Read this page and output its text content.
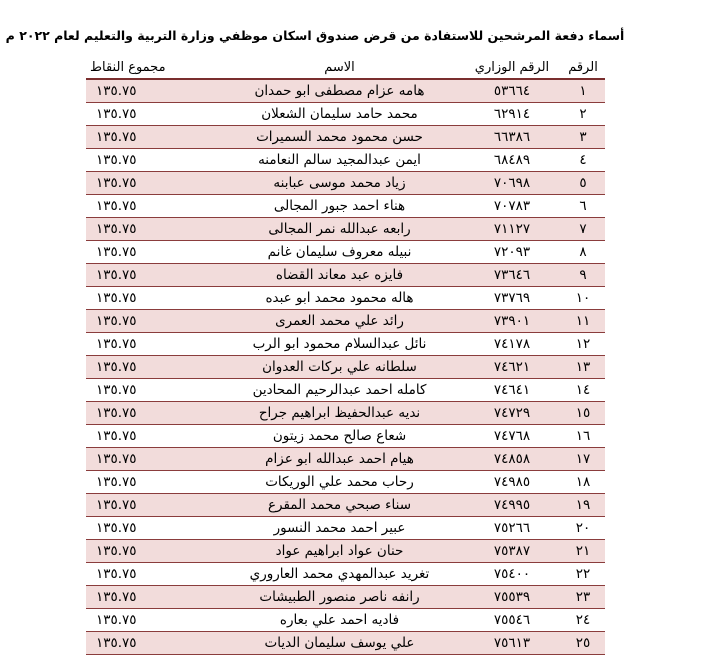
أسماء دفعة المرشحين للاستفادة من قرض صندوق اسكان موظفي وزارة التربية والتعليم لعام ٢٠٢٢ م
الرقم	الرقم الوزاري	الاسم	مجموع النقاط
١	٥٣٦٦٤	هامه عزام مصطفى ابو حمدان	١٣٥.٧٥
٢	٦٢٩١٤	محمد حامد سليمان الشعلان	١٣٥.٧٥
٣	٦٦٣٨٦	حسن محمود محمد السميرات	١٣٥.٧٥
٤	٦٨٤٨٩	ايمن عبدالمجيد سالم النعامنه	١٣٥.٧٥
٥	٧٠٦٩٨	زياد محمد موسى عبابنه	١٣٥.٧٥
٦	٧٠٧٨٣	هناء احمد جبور المجالى	١٣٥.٧٥
٧	٧١١٢٧	رابعه عبدالله نمر المجالى	١٣٥.٧٥
٨	٧٢٠٩٣	نبيله معروف سليمان غانم	١٣٥.٧٥
٩	٧٣٦٤٦	فايزه عبد معاند القضاه	١٣٥.٧٥
١٠	٧٣٧٦٩	هاله محمود محمد ابو عبده	١٣٥.٧٥
١١	٧٣٩٠١	رائد علي محمد العمرى	١٣٥.٧٥
١٢	٧٤١٧٨	نائل عبدالسلام محمود ابو الرب	١٣٥.٧٥
١٣	٧٤٦٢١	سلطانه علي بركات العدوان	١٣٥.٧٥
١٤	٧٤٦٤١	كامله احمد عبدالرحيم المحادين	١٣٥.٧٥
١٥	٧٤٧٢٩	نديه عبدالحفيظ ابراهيم جراح	١٣٥.٧٥
١٦	٧٤٧٦٨	شعاع صالح محمد زيتون	١٣٥.٧٥
١٧	٧٤٨٥٨	هيام احمد عبدالله ابو عزام	١٣٥.٧٥
١٨	٧٤٩٨٥	رحاب محمد علي الوريكات	١٣٥.٧٥
١٩	٧٤٩٩٥	سناء صبحي محمد المقرع	١٣٥.٧٥
٢٠	٧٥٢٦٦	عبير احمد محمد النسور	١٣٥.٧٥
٢١	٧٥٣٨٧	حنان عواد ابراهيم عواد	١٣٥.٧٥
٢٢	٧٥٤٠٠	تغريد عبدالمهدي محمد العاروري	١٣٥.٧٥
٢٣	٧٥٥٣٩	رانفه ناصر منصور الطبيشات	١٣٥.٧٥
٢٤	٧٥٥٤٦	فاديه احمد علي بعاره	١٣٥.٧٥
٢٥	٧٥٦١٣	علي يوسف سليمان الديات	١٣٥.٧٥
